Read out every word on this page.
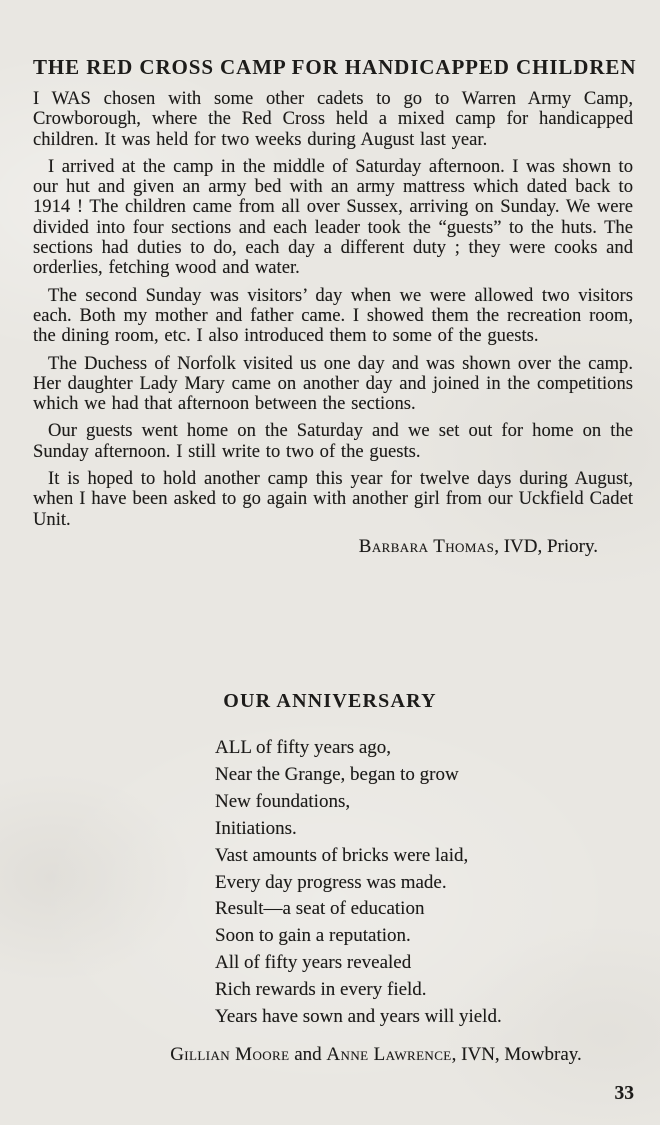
THE RED CROSS CAMP FOR HANDICAPPED CHILDREN

I WAS chosen with some other cadets to go to Warren Army Camp, Crowborough, where the Red Cross held a mixed camp for handicapped children. It was held for two weeks during August last year.

I arrived at the camp in the middle of Saturday afternoon. I was shown to our hut and given an army bed with an army mattress which dated back to 1914 ! The children came from all over Sussex, arriving on Sunday. We were divided into four sections and each leader took the “guests” to the huts. The sections had duties to do, each day a different duty ; they were cooks and orderlies, fetching wood and water.

The second Sunday was visitors’ day when we were allowed two visitors each. Both my mother and father came. I showed them the recreation room, the dining room, etc. I also introduced them to some of the guests.

The Duchess of Norfolk visited us one day and was shown over the camp. Her daughter Lady Mary came on another day and joined in the competitions which we had that afternoon between the sections.

Our guests went home on the Saturday and we set out for home on the Sunday afternoon. I still write to two of the guests.

It is hoped to hold another camp this year for twelve days during August, when I have been asked to go again with another girl from our Uckfield Cadet Unit.

Barbara Thomas, IVD, Priory.
OUR ANNIVERSARY
ALL of fifty years ago,
Near the Grange, began to grow
New foundations,
Initiations.
Vast amounts of bricks were laid,
Every day progress was made.
Result—a seat of education
Soon to gain a reputation.
All of fifty years revealed
Rich rewards in every field.
Years have sown and years will yield.
Gillian Moore and Anne Lawrence, IVN, Mowbray.
33
